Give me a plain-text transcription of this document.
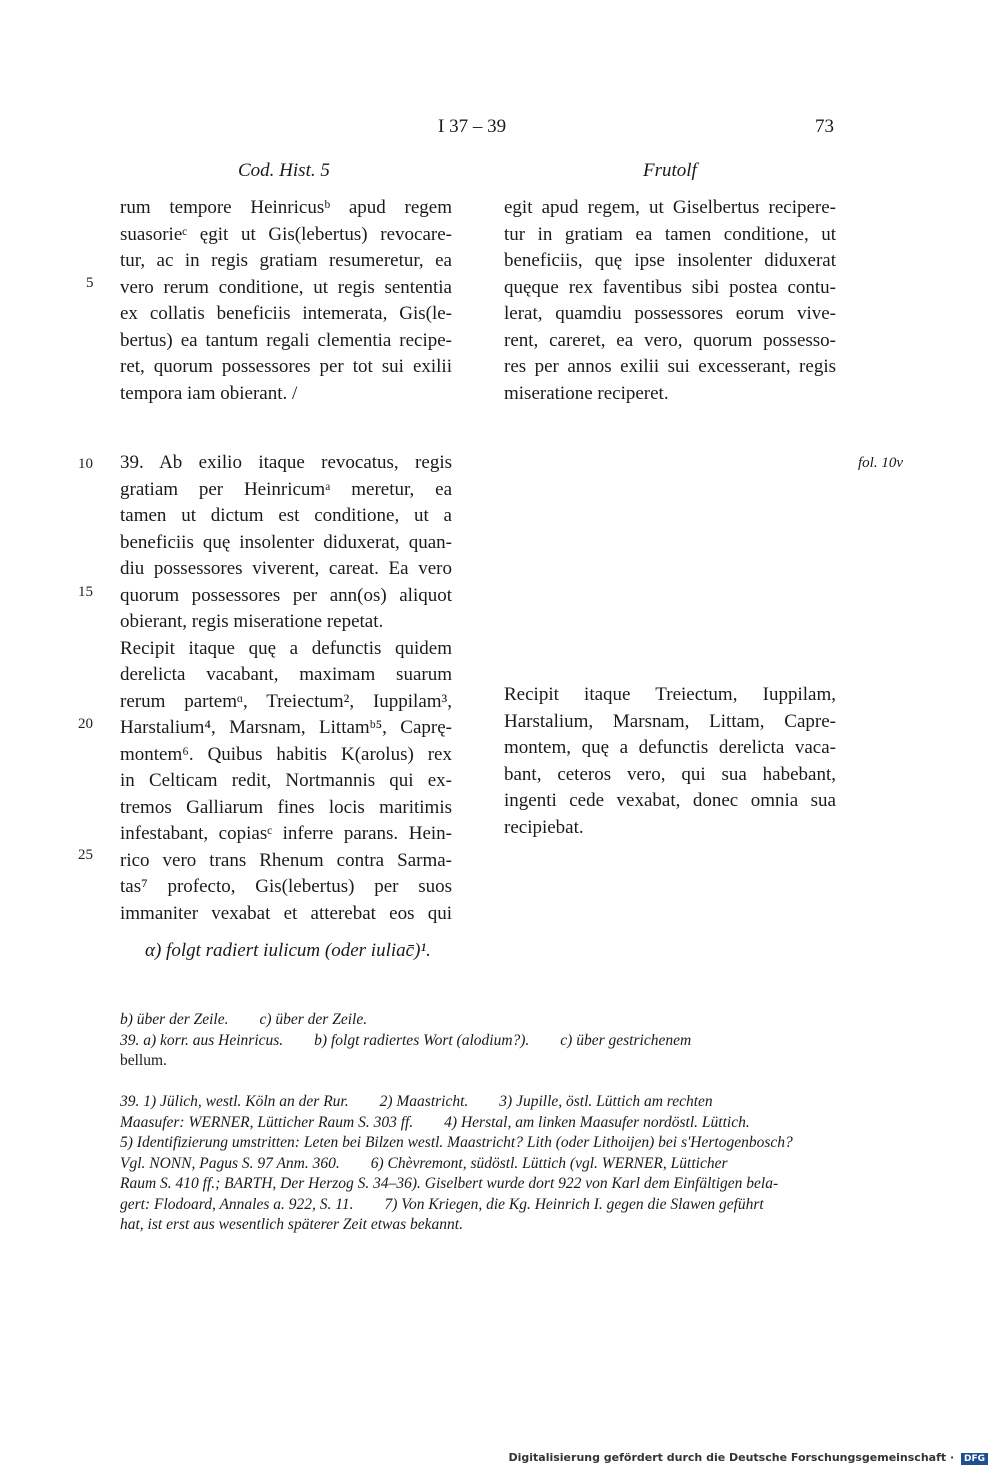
I 37 – 39	73
Cod. Hist. 5	Frutolf
fol. 10v
5
10
15
20
25
rum tempore Heinricusᵇ apud regem
suasorieᶜ ęgit ut Gis(lebertus) revocare-
tur, ac in regis gratiam resumeretur, ea
vero rerum conditione, ut regis sententia
ex collatis beneficiis intemerata, Gis(le-
bertus) ea tantum regali clementia recipe-
ret, quorum possessores per tot sui exilii
tempora iam obierant. /
egit apud regem, ut Giselbertus recipere-
tur in gratiam ea tamen conditione, ut
beneficiis, quę ipse insolenter diduxerat
quęque rex faventibus sibi postea contu-
lerat, quamdiu possessores eorum vive-
rent, careret, ea vero, quorum possesso-
res per annos exilii sui excesserant, regis
miseratione reciperet.
39. Ab exilio itaque revocatus, regis
gratiam per Heinricumᵃ meretur, ea
tamen ut dictum est conditione, ut a
beneficiis quę insolenter diduxerat, quan-
diu possessores viverent, careat. Ea vero
quorum possessores per ann(os) aliquot
obierant, regis miseratione repetat.
Recipit itaque quę a defunctis quidem
derelicta vacabant, maximam suarum
rerum partemᵅ, Treiectum², Iuppilam³,
Harstalium⁴, Marsnam, Littamᵇ⁵, Caprę-
montem⁶. Quibus habitis K(arolus) rex
in Celticam redit, Nortmannis qui ex-
tremos Galliarum fines locis maritimis
infestabant, copiasᶜ inferre parans. Hein-
rico vero trans Rhenum contra Sarma-
tas⁷ profecto, Gis(lebertus) per suos
immaniter vexabat et atterebat eos qui
Recipit itaque Treiectum, Iuppilam,
Harstalium, Marsnam, Littam, Capre-
montem, quę a defunctis derelicta vaca-
bant, ceteros vero, qui sua habebant,
ingenti cede vexabat, donec omnia sua
recipiebat.
α) folgt radiert iulicum (oder iuliac̄)¹.
b) über der Zeile.        c) über der Zeile.
39. a) korr. aus Heinricus.        b) folgt radiertes Wort (alodium?).        c) über gestrichenem
bellum.
39. 1) Jülich, westl. Köln an der Rur.        2) Maastricht.        3) Jupille, östl. Lüttich am rechten
Maasufer: WERNER, Lütticher Raum S. 303 ff.        4) Herstal, am linken Maasufer nordöstl. Lüttich.
5) Identifizierung umstritten: Leten bei Bilzen westl. Maastricht? Lith (oder Lithoijen) bei s'Hertogenbosch?
Vgl. NONN, Pagus S. 97 Anm. 360.        6) Chèvremont, südöstl. Lüttich (vgl. WERNER, Lütticher
Raum S. 410 ff.; BARTH, Der Herzog S. 34–36). Giselbert wurde dort 922 von Karl dem Einfältigen bela-
gert: Flodoard, Annales a. 922, S. 11.        7) Von Kriegen, die Kg. Heinrich I. gegen die Slawen geführt
hat, ist erst aus wesentlich späterer Zeit etwas bekannt.
Digitalisierung gefördert durch die Deutsche Forschungsgemeinschaft · DFG
